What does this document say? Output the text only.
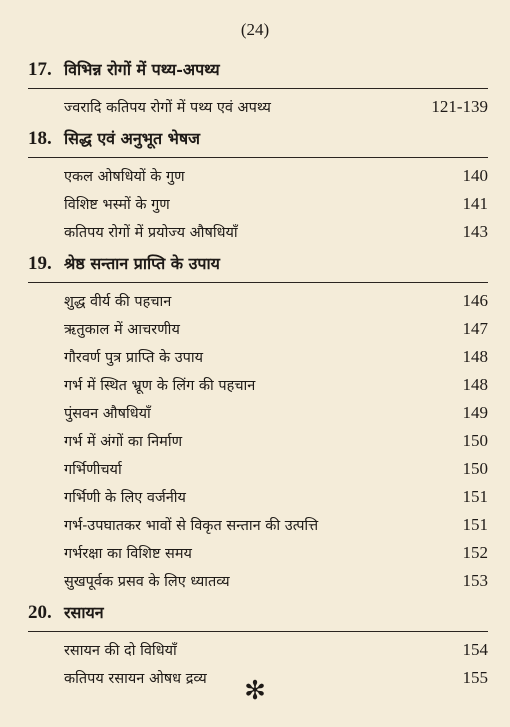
(24)
17. विभिन्न रोगों में पथ्य-अपथ्य
ज्वरादि कतिपय रोगों में पथ्य एवं अपथ्य	121-139
18. सिद्ध एवं अनुभूत भेषज
एकल ओषधियों के गुण	140
विशिष्ट भस्मों के गुण	141
कतिपय रोगों में प्रयोज्य औषधियाँ	143
19. श्रेष्ठ सन्तान प्राप्ति के उपाय
शुद्ध वीर्य की पहचान	146
ऋतुकाल में आचरणीय	147
गौरवर्ण पुत्र प्राप्ति के उपाय	148
गर्भ में स्थित भ्रूण के लिंग की पहचान	148
पुंसवन औषधियाँ	149
गर्भ में अंगों का निर्माण	150
गर्भिणीचर्या	150
गर्भिणी के लिए वर्जनीय	151
गर्भ-उपघातकर भावों से विकृत सन्तान की उत्पत्ति	151
गर्भरक्षा का विशिष्ट समय	152
सुखपूर्वक प्रसव के लिए ध्यातव्य	153
20. रसायन
रसायन की दो विधियाँ	154
कतिपय रसायन ओषध द्रव्य	155
✻
